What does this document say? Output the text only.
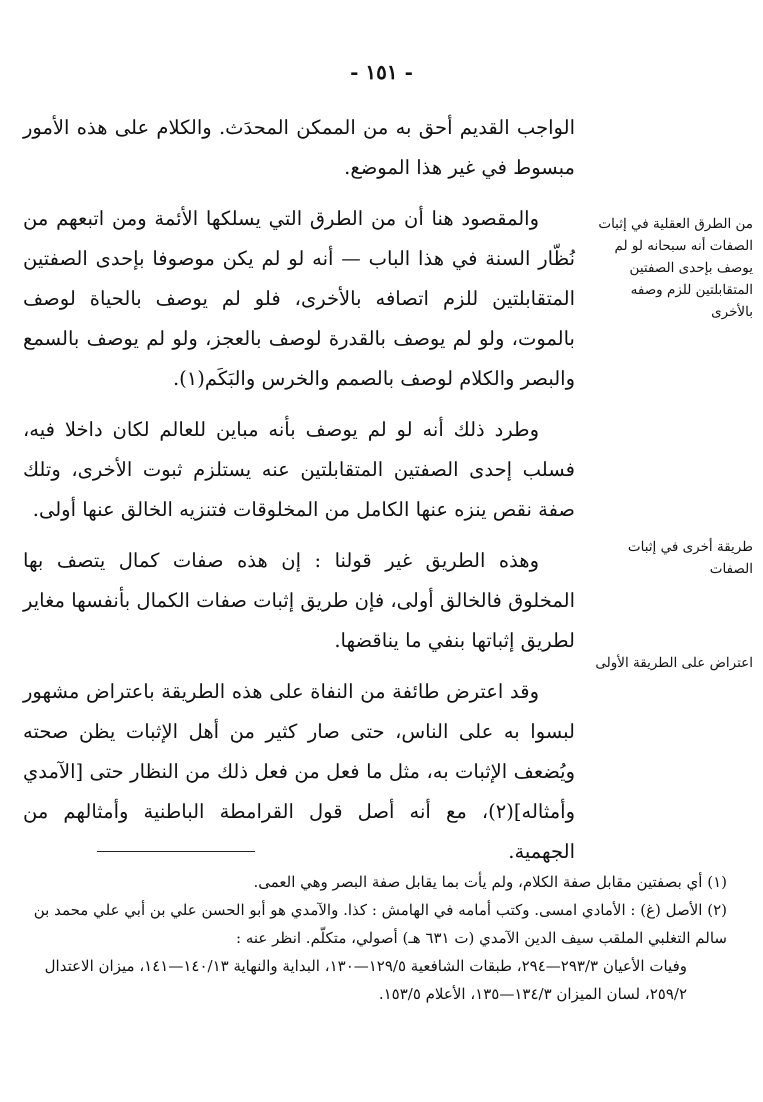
- ١٥١ -

الواجب القديم أحق به من الممكن المحدَث. والكلام على هذه الأمور مبسوط في غير هذا الموضع.

والمقصود هنا أن من الطرق التي يسلكها الأئمة ومن اتبعهم من نُظّار السنة في هذا الباب — أنه لو لم يكن موصوفا بإحدى الصفتين المتقابلتين للزم اتصافه بالأخرى، فلو لم يوصف بالحياة لوصف بالموت، ولو لم يوصف بالقدرة لوصف بالعجز، ولو لم يوصف بالسمع والبصر والكلام لوصف بالصمم والخرس والبَكَم(١).

وطرد ذلك أنه لو لم يوصف بأنه مباين للعالم لكان داخلا فيه، فسلب إحدى الصفتين المتقابلتين عنه يستلزم ثبوت الأخرى، وتلك صفة نقص ينزه عنها الكامل من المخلوقات فتنزيه الخالق عنها أولى.

وهذه الطريق غير قولنا : إن هذه صفات كمال يتصف بها المخلوق فالخالق أولى، فإن طريق إثبات صفات الكمال بأنفسها مغاير لطريق إثباتها بنفي ما يناقضها.

وقد اعترض طائفة من النفاة على هذه الطريقة باعتراض مشهور لبسوا به على الناس، حتى صار كثير من أهل الإثبات يظن صحته ويُضعف الإثبات به، مثل ما فعل من فعل ذلك من النظار حتى [الآمدي وأمثاله](٢)، مع أنه أصل قول القرامطة الباطنية وأمثالهم من الجهمية.

من الطرق العقلية في إثبات الصفات أنه سبحانه لو لم يوصف بإحدى الصفتين المتقابلتين للزم وصفه بالأخرى
طريقة أخرى في إثبات الصفات
اعتراض على الطريقة الأولى

(١) أي بصفتين مقابل صفة الكلام، ولم يأت بما يقابل صفة البصر وهي العمى.

(٢) الأصل (غ) : الأمادي امسى. وكتب أمامه في الهامش : كذا. والآمدي هو أبو الحسن علي بن أبي علي محمد بن سالم التغلبي الملقب سيف الدين الآمدي (ت ٦٣١ هـ) أصولي، متكلّم. انظر عنه :

وفيات الأعيان ٢٩٣/٣—٢٩٤، طبقات الشافعية ١٢٩/٥—١٣٠، البداية والنهاية ١٤٠/١٣—١٤١، ميزان الاعتدال ٢٥٩/٢، لسان الميزان ١٣٤/٣—١٣٥، الأعلام ١٥٣/٥.
